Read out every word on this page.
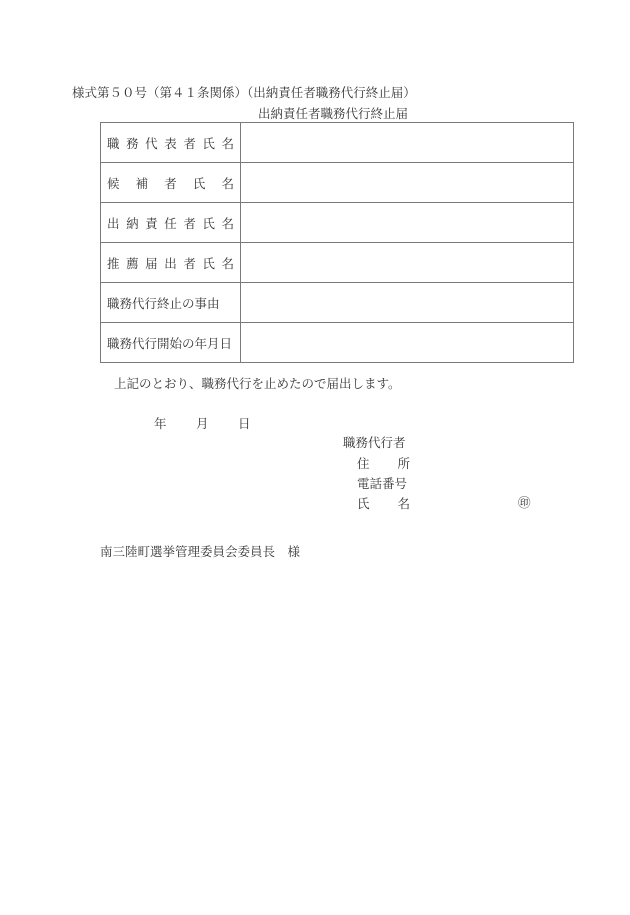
様式第５０号（第４１条関係）（出納責任者職務代行終止届）
出納責任者職務代行終止届
職 務 代 表 者 氏 名

候 補 者 氏 名	

出 納 責 任 者 氏 名

推 薦 届 出 者 氏 名

職務代行終止の事由	
職務代行開始の年月日	
上記のとおり、職務代行を止めたので届出します。
年 月 日
職務代行者
住 所
電話番号
氏 名	㊞
南三陸町選挙管理委員会委員長　様
